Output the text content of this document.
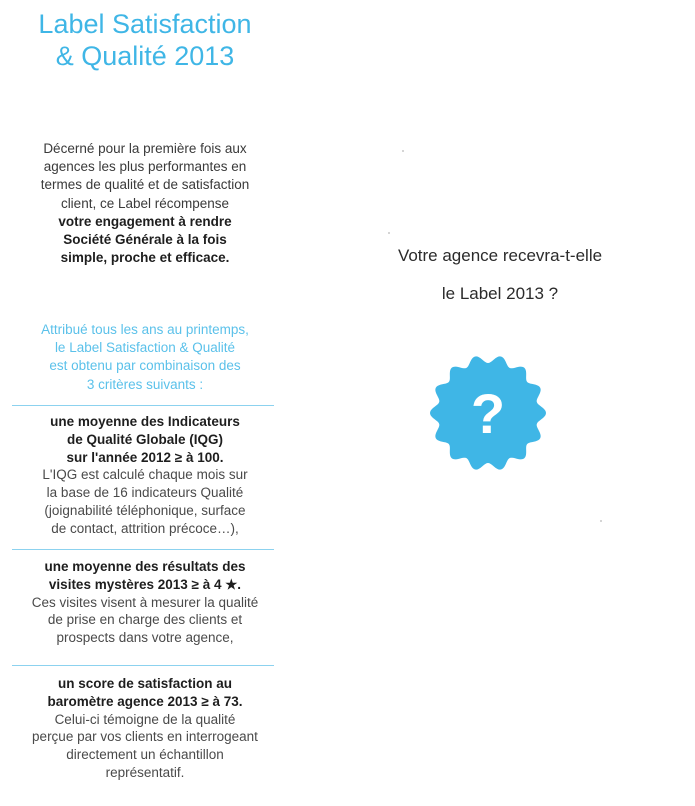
Label Satisfaction
& Qualité 2013
Décerné pour la première fois aux
agences les plus performantes en
termes de qualité et de satisfaction
client, ce Label récompense
votre engagement à rendre
Société Générale à la fois
simple, proche et efficace.
Attribué tous les ans au printemps,
le Label Satisfaction & Qualité
est obtenu par combinaison des
3 critères suivants :
une moyenne des Indicateurs
de Qualité Globale (IQG)
sur l'année 2012 ≥ à 100.
L'IQG est calculé chaque mois sur
la base de 16 indicateurs Qualité
(joignabilité téléphonique, surface
de contact, attrition précoce…),
une moyenne des résultats des
visites mystères 2013 ≥ à 4 ★.
Ces visites visent à mesurer la qualité
de prise en charge des clients et
prospects dans votre agence,
un score de satisfaction au
baromètre agence 2013 ≥ à 73.
Celui-ci témoigne de la qualité
perçue par vos clients en interrogeant
directement un échantillon
représentatif.
Votre agence recevra-t-elle
le Label 2013 ?
?
